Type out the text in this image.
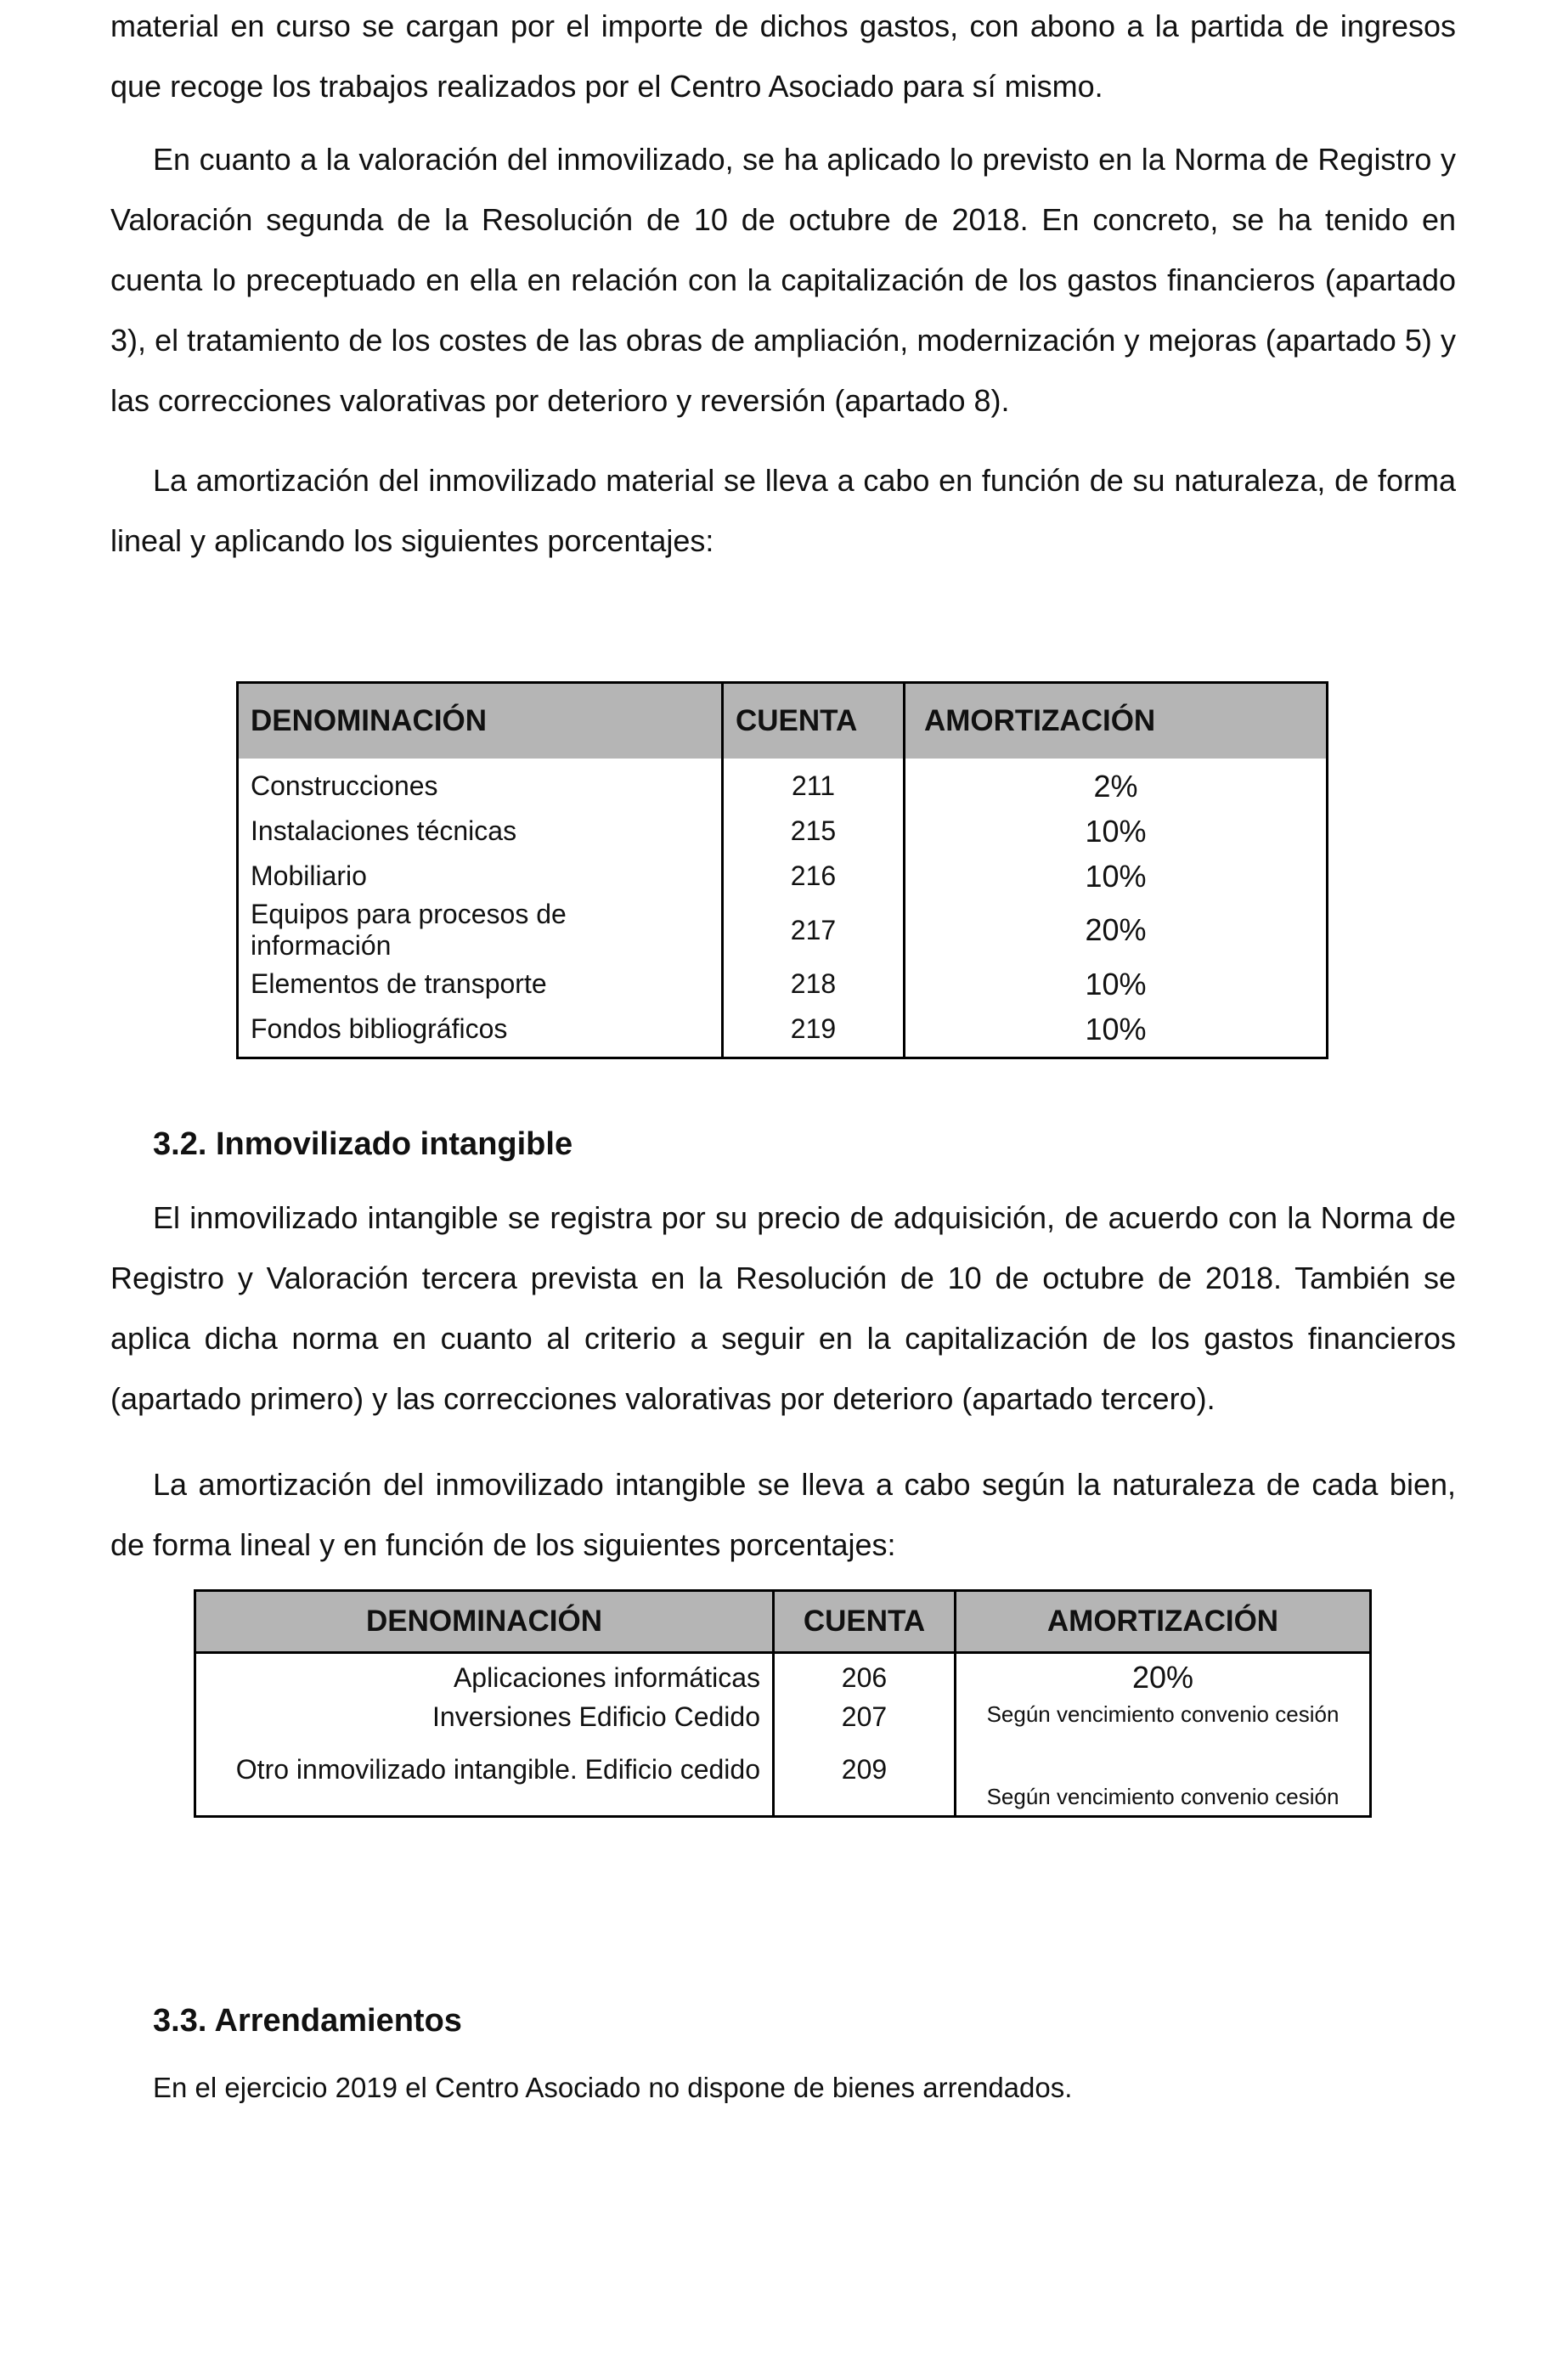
material en curso se cargan por el importe de dichos gastos, con abono a la partida de ingresos que recoge los trabajos realizados por el Centro Asociado para sí mismo.

En cuanto a la valoración del inmovilizado, se ha aplicado lo previsto en la Norma de Registro y Valoración segunda de la Resolución de 10 de octubre de 2018. En concreto, se ha tenido en cuenta lo preceptuado en ella en relación con la capitalización de los gastos financieros (apartado 3), el tratamiento de los costes de las obras de ampliación, modernización y mejoras (apartado 5) y las correcciones valorativas por deterioro y reversión (apartado 8).

La amortización del inmovilizado material se lleva a cabo en función de su naturaleza, de forma lineal y aplicando los siguientes porcentajes:

DENOMINACIÓN	CUENTA	AMORTIZACIÓN
Construcciones	211	2%
Instalaciones técnicas	215	10%
Mobiliario	216	10%
Equipos para procesos de información	217	20%
Elementos de transporte	218	10%
Fondos bibliográficos	219	10%
3.2. Inmovilizado intangible

El inmovilizado intangible se registra por su precio de adquisición, de acuerdo con la Norma de Registro y Valoración tercera prevista en la Resolución de 10 de octubre de 2018. También se aplica dicha norma en cuanto al criterio a seguir en la capitalización de los gastos financieros (apartado primero) y las correcciones valorativas por deterioro (apartado tercero).

La amortización del inmovilizado intangible se lleva a cabo según la naturaleza de cada bien, de forma lineal y en función de los siguientes porcentajes:

DENOMINACIÓN	CUENTA	AMORTIZACIÓN
Aplicaciones informáticas	206	20%
Inversiones Edificio Cedido	207	Según vencimiento convenio cesión
Otro inmovilizado intangible. Edificio cedido	209	Según vencimiento convenio cesión
3.3. Arrendamientos

En el ejercicio 2019 el Centro Asociado no dispone de bienes arrendados.
